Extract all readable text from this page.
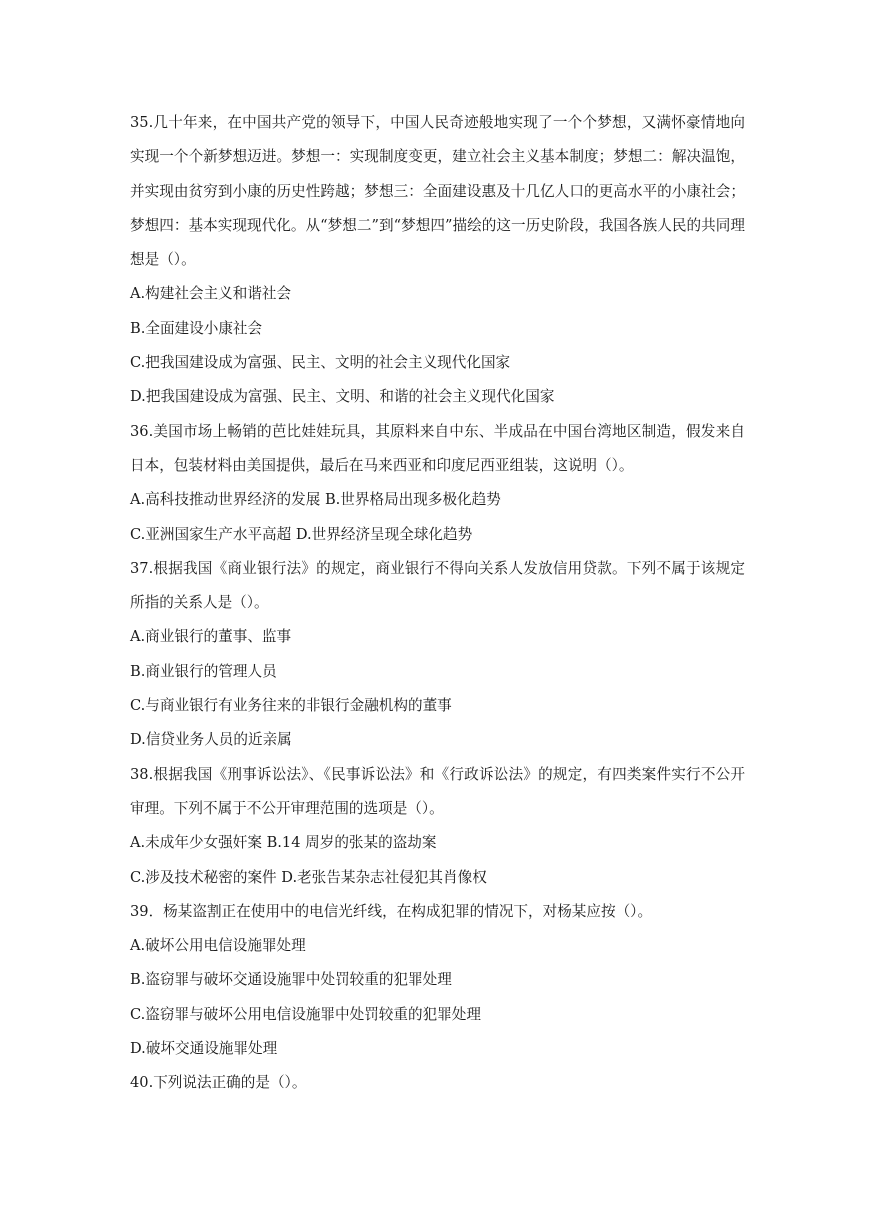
35.几十年来，在中国共产党的领导下，中国人民奇迹般地实现了一个个梦想，又满怀豪情地向实现一个个新梦想迈进。梦想一：实现制度变更，建立社会主义基本制度；梦想二：解决温饱，并实现由贫穷到小康的历史性跨越；梦想三：全面建设惠及十几亿人口的更高水平的小康社会；梦想四：基本实现现代化。从“梦想二”到“梦想四”描绘的这一历史阶段，我国各族人民的共同理想是（）。

A.构建社会主义和谐社会

B.全面建设小康社会

C.把我国建设成为富强、民主、文明的社会主义现代化国家

D.把我国建设成为富强、民主、文明、和谐的社会主义现代化国家

36.美国市场上畅销的芭比娃娃玩具，其原料来自中东、半成品在中国台湾地区制造，假发来自日本，包装材料由美国提供，最后在马来西亚和印度尼西亚组装，这说明（）。

A.高科技推动世界经济的发展 B.世界格局出现多极化趋势

C.亚洲国家生产水平高超 D.世界经济呈现全球化趋势

37.根据我国《商业银行法》的规定，商业银行不得向关系人发放信用贷款。下列不属于该规定所指的关系人是（）。

A.商业银行的董事、监事

B.商业银行的管理人员

C.与商业银行有业务往来的非银行金融机构的董事

D.信贷业务人员的近亲属

38.根据我国《刑事诉讼法》、《民事诉讼法》和《行政诉讼法》的规定，有四类案件实行不公开审理。下列不属于不公开审理范围的选项是（）。

A.未成年少女强奸案 B.14 周岁的张某的盗劫案

C.涉及技术秘密的案件 D.老张告某杂志社侵犯其肖像权

39．杨某盗割正在使用中的电信光纤线，在构成犯罪的情况下，对杨某应按（）。

A.破坏公用电信设施罪处理

B.盗窃罪与破坏交通设施罪中处罚较重的犯罪处理

C.盗窃罪与破坏公用电信设施罪中处罚较重的犯罪处理

D.破坏交通设施罪处理

40.下列说法正确的是（）。
